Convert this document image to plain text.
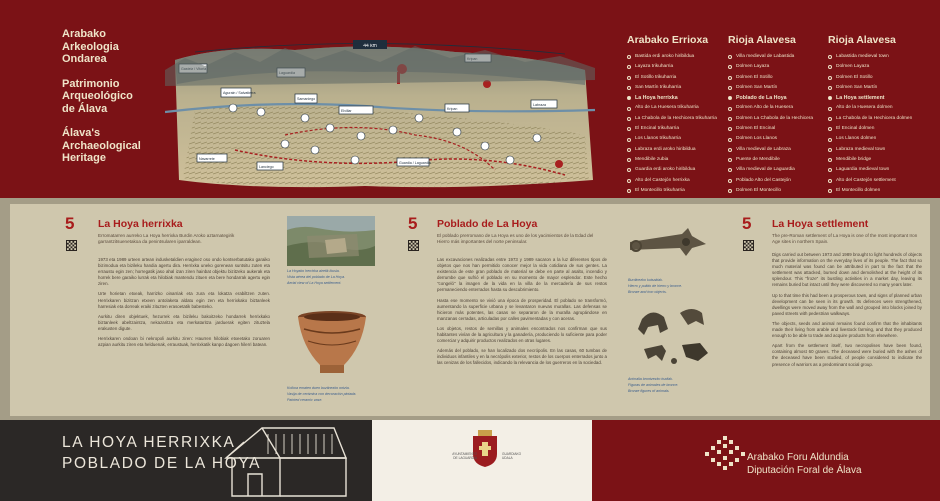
Arabako
Arkeologia
Ondarea
Patrimonio
Arqueológico
de Álava
Álava's
Archaeological
Heritage
44 km
Agurain / Salvatierra
Samaniego
Elvillar	Kripan
Labraza
Navarrete
Lanciego
Guardia / Laguardia
Arabako Errioxa
Bastida erdi aroko hiribildua
Layaza trikuharria
El Sotillo trikuharria
San Martín trikuharria
La Hoya herrixka
Alto de La Huesera trikuharria
La Chabola de la Hechicera trikuharria
El Encinal trikuharria
Los Llanos trikuharria
Labraza erdi aroko hiribildua
Mendibile zubia
Guardia erdi aroko hiribildua
Alto del Castejón herrixka
El Montecillo trikuharria
Rioja Alavesa
Villa medieval de Labastida
Dolmen Layaza
Dolmen El Sotillo
Dolmen San Martín
Poblado de La Hoya
Dolmen Alto de la Huesera
Dolmen La Chabola de la Hechicera
Dolmen El Encinal
Dolmen Los Llanos
Villa medieval de Labraza
Puente de Mendibile
Villa medieval de Laguardia
Poblado Alto del Castejón
Dolmen El Montecillo
Rioja Alavesa
Labastida medieval town
Dolmen Layaza
Dolmen El Sotillo
Dolmen San Martín
La Hoya settlement
Alto de la Huesera dolmen
La Chabola de la Hechicera dolmen
El Encinal dolmen
Los Llanos dolmen
Labraza medieval town
Mendibile bridge
Laguardia medieval town
Alto del Castejón settlement
El Montecillo dolmen
5 La Hoya herrixka
Erromatarren aurreko La Hoya herrixka Burdin Aroko aztarnategirik garrantzitsuenetakoa da penintsularen iparraldean.

1973 eta 1989 urteen artean indusketaldien eraginez oso ondo kontserbatutako garaiko bizimodua eta bizileku handia agertu dira. Herrixka uneko gorenean suntsitu zuten eta erraustu egin zen; horregatik jaso ahal izan ziren hainbat objektu bizitzeko aukerak eta horrek bere garaiko lurrak eta hilobiak mantendu zituen eta bere hondarrak agertu egin ziren.

Urte horietan etxeak, harrizko oinarriak eta zura eta lokatza erabiltzen zuten. Herrixkaren bizitzan etxeen antolaketa aldatu egin zen eta herrixkako biztanleek harresiak eta dorreak eraiki zituzten erasoetatik babesteko.

Aurkitu diren objektuek, hezurrek eta bizileku bakoitzeko hondarrek herrixkako biztanleek abeltzaintza, nekazaritza eta merkataritza jarduerak egiten zituztela erakusten digute.

Herrixkaren ondoan bi nekropoli aurkitu ziren: Haurren hilobiak etxeetako zoruaren azpian aurkitu ziren eta helduenak, erraustuak, herrixkatik kanpo dagoen hilerri batean.

La Hoyako herrixka airetik ikusia.
Vista aérea del poblado de La Hoya.
Aerial view of La Hoya settlement.
Kolkoa ematen duen buztinezko ontzia.
Vasija de cerámica con decoración pintada.
Painted ceramic vase.
5 Poblado de La Hoya
El poblado prerromano de La Hoya es uno de los yacimientos de la Edad del Hierro más importantes del norte peninsular.

Las excavaciones realizadas entre 1973 y 1989 sacaron a la luz diferentes tipos de objetos que nos han permitido conocer mejor la vida cotidiana de sus gentes. La existencia de este gran poblado de material se debe en parte al asalto, incendio y derrumbe que sufrió el poblado en su momento de mayor esplendor. Este hecho "congeló" la imagen de la vida en la villa de la mercadería de sus restos permaneciendo enterrados hasta su descubrimiento.

Hasta ese momento se vivió una época de prosperidad. El poblado se transformó, aumentando la superficie urbana y se levantaron nuevas murallas. Las defensas se hicieron más potentes, las casas se separaron de la muralla agrupándose en manzanas cerradas, articuladas por calles pavimentadas y con aceras.

Los objetos, restos de semillas y animales encontrados nos confirman que sus habitantes vivían de la agricultura y la ganadería, produciendo lo suficiente para poder comerciar y adquirir productos realizados en otras lugares.

Además del poblado, se han localizado dos necrópolis. En las casas, 60 tumbas de individuos infantiles y en la necrópolis exterior, restos de los cuerpos enterrados junto a las cenizas de los fallecidos, indicando la relevancia de los guerreros en la sociedad.

Burdinezko kutsakiak.
Hierro y pulido de hierro y bronce.
Bronze and iron objects.
Animalia brontzezko irudiak.
Figuras de animales de bronce.
Bronze figures of animals.
5 La Hoya settlement
The pre-Roman settlement of La Hoya is one of the most important Iron Age sites in northern Spain.

Digs carried out between 1973 and 1989 brought to light hundreds of objects that provide information on the everyday lives of its people. The fact that so much material was found can be attributed in part to the fact that the settlement was attacked, burned down and demolished at the height of its splendour. This "froze" its bustling activities in a market day, leaving its remains buried but intact until they were discovered so many years later.

Up to that time this had been a prosperous town, and signs of planned urban development can be seen in its growth. Its defences were strengthened, dwellings were moved away from the wall and grouped into blocks joined by paved streets with pedestrian walkways.

The objects, seeds and animal remains found confirm that the inhabitants made their living from arable and livestock farming, and that they produced enough to be able to trade and acquire products from elsewhere.

Apart from the settlement itself, two necropolises have been found, containing almost 60 graves. The deceased were buried with the ashes of the deceased have been studied, of people considered to indicate the presence of warriors as a predominant social group.

LA HOYA HERRIXKA
POBLADO DE LA HOYA
AYUNTAMIENTO
DE LAGUARDIA
GUARDIAKO
UDALA	Arabako Foru Aldundia
Diputación Foral de Álava
